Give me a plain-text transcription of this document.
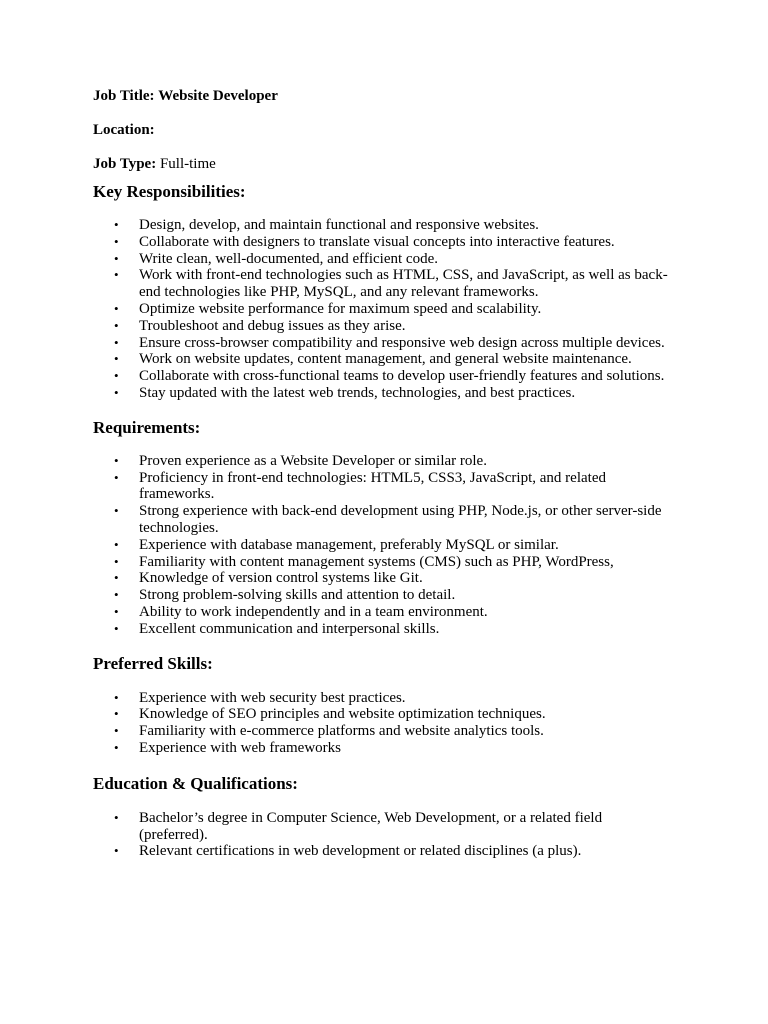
Job Title: Website Developer

Location:

Job Type: Full-time

Key Responsibilities:
• Design, develop, and maintain functional and responsive websites.
• Collaborate with designers to translate visual concepts into interactive features.
• Write clean, well-documented, and efficient code.
• Work with front-end technologies such as HTML, CSS, and JavaScript, as well as back-end technologies like PHP, MySQL, and any relevant frameworks.
• Optimize website performance for maximum speed and scalability.
• Troubleshoot and debug issues as they arise.
• Ensure cross-browser compatibility and responsive web design across multiple devices.
• Work on website updates, content management, and general website maintenance.
• Collaborate with cross-functional teams to develop user-friendly features and solutions.
• Stay updated with the latest web trends, technologies, and best practices.
Requirements:
• Proven experience as a Website Developer or similar role.
• Proficiency in front-end technologies: HTML5, CSS3, JavaScript, and related frameworks.
• Strong experience with back-end development using PHP, Node.js, or other server-side technologies.
• Experience with database management, preferably MySQL or similar.
• Familiarity with content management systems (CMS) such as PHP, WordPress,
• Knowledge of version control systems like Git.
• Strong problem-solving skills and attention to detail.
• Ability to work independently and in a team environment.
• Excellent communication and interpersonal skills.
Preferred Skills:
• Experience with web security best practices.
• Knowledge of SEO principles and website optimization techniques.
• Familiarity with e-commerce platforms and website analytics tools.
• Experience with web frameworks
Education & Qualifications:
• Bachelor’s degree in Computer Science, Web Development, or a related field (preferred).
• Relevant certifications in web development or related disciplines (a plus).
